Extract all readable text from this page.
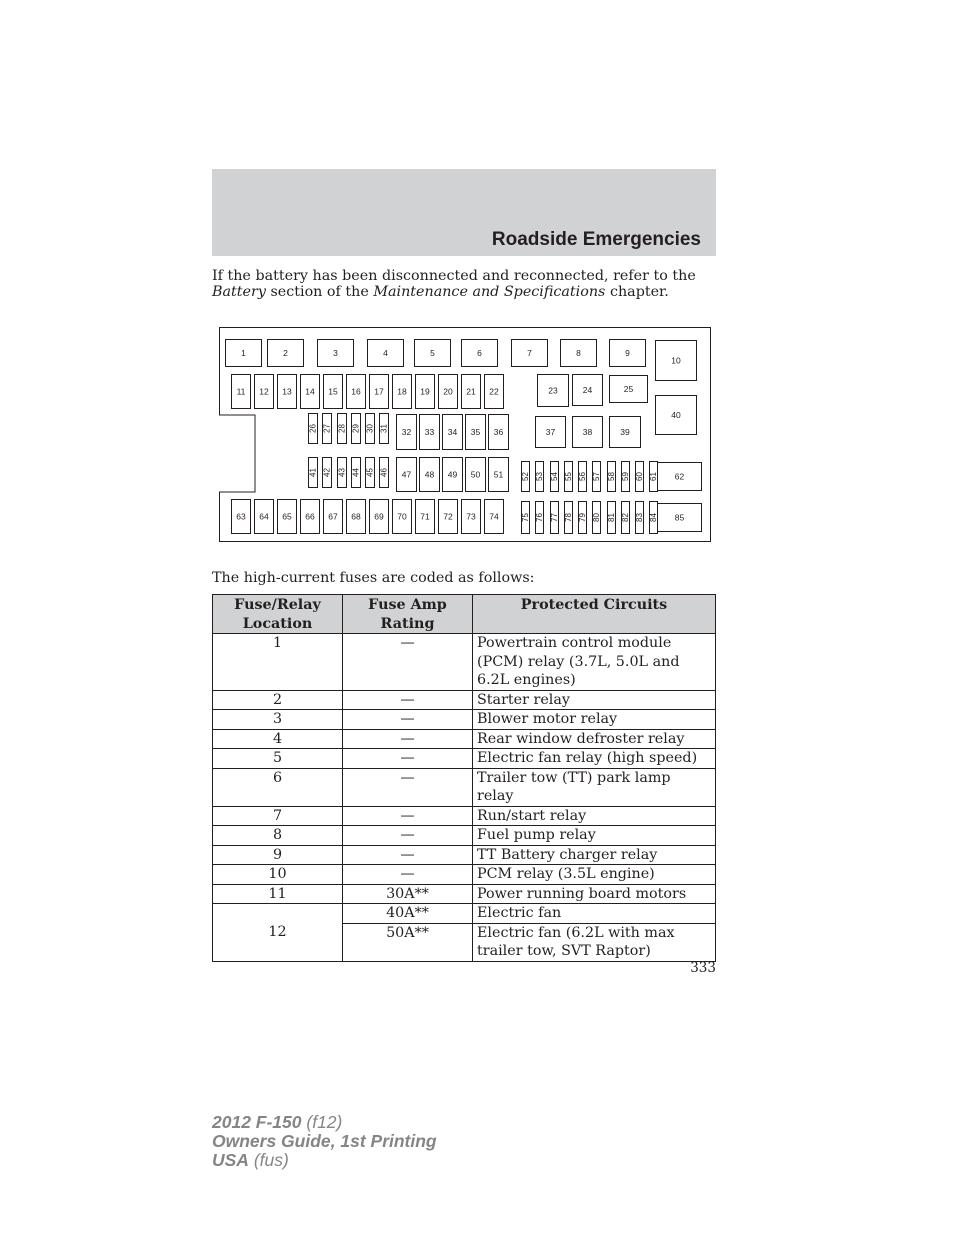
Roadside Emergencies
If the battery has been disconnected and reconnected, refer to the
Battery section of the Maintenance and Specifications chapter.
1	2	3	4	5	6	7	8	9
10
40
62
85
11 12 13 14 15 16 17 18 19 20 21 22	23	24	25
26 27 28 29 30 31 32 33 34 35 36	37	38	39
41 42 43 44 45 46 47 48 49 50 51 52 53 54 55 56 57 58 59 60 61
63 64 65 66 67 68 69 70 71 72 73 74	75 76 77 78 79 80 81 82 83 84
The high-current fuses are coded as follows:
Fuse/Relay Location	Fuse Amp Rating	Protected Circuits
1	—	Powertrain control module (PCM) relay (3.7L, 5.0L and 6.2L engines)
2	—	Starter relay
3	—	Blower motor relay
4	—	Rear window defroster relay
5	—	Electric fan relay (high speed)
6	—	Trailer tow (TT) park lamp relay
7	—	Run/start relay
8	—	Fuel pump relay
9	—	TT Battery charger relay
10	—	PCM relay (3.5L engine)
11	30A**	Power running board motors
12	40A**	Electric fan
	50A**	Electric fan (6.2L with max trailer tow, SVT Raptor)
333
2012 F-150 (f12)
Owners Guide, 1st Printing
USA (fus)
